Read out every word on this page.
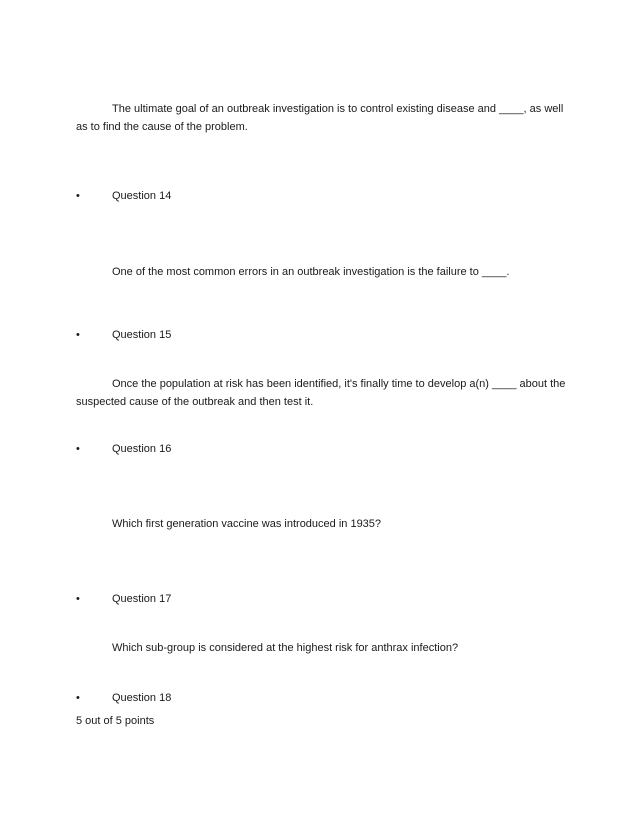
The ultimate goal of an outbreak investigation is to control existing disease and ____, as well as to find the cause of the problem.

•	Question 14

One of the most common errors in an outbreak investigation is the failure to ____.

•	Question 15

Once the population at risk has been identified, it's finally time to develop a(n) ____ about the suspected cause of the outbreak and then test it.

•	Question 16

Which first generation vaccine was introduced in 1935?

•	Question 17

Which sub-group is considered at the highest risk for anthrax infection?

•	Question 18

5 out of 5 points
